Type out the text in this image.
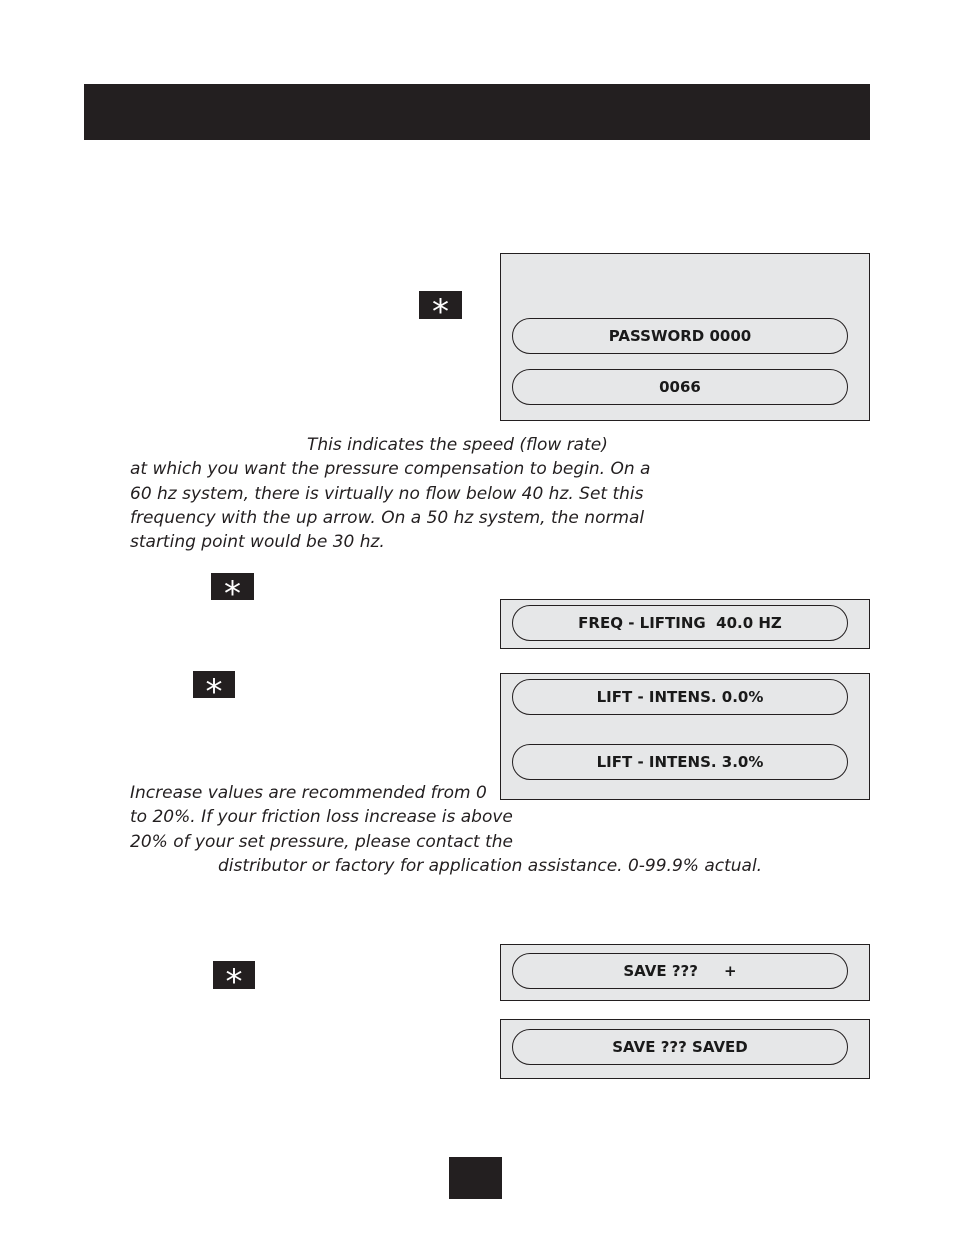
*
*
*
*
PASSWORD 0000
0066
This indicates the speed (flow rate)
at which you want the pressure compensation to begin. On a
60 hz system, there is virtually no flow below 40 hz. Set this
frequency with the up arrow. On a 50 hz system, the normal
starting point would be 30 hz.
FREQ - LIFTING  40.0 HZ
LIFT - INTENS. 0.0%
LIFT - INTENS. 3.0%
Increase values are recommended from 0
to 20%. If your friction loss increase is above
20% of your set pressure, please contact the
distributor or factory for application assistance. 0-99.9% actual.
SAVE ???     +
SAVE ??? SAVED
